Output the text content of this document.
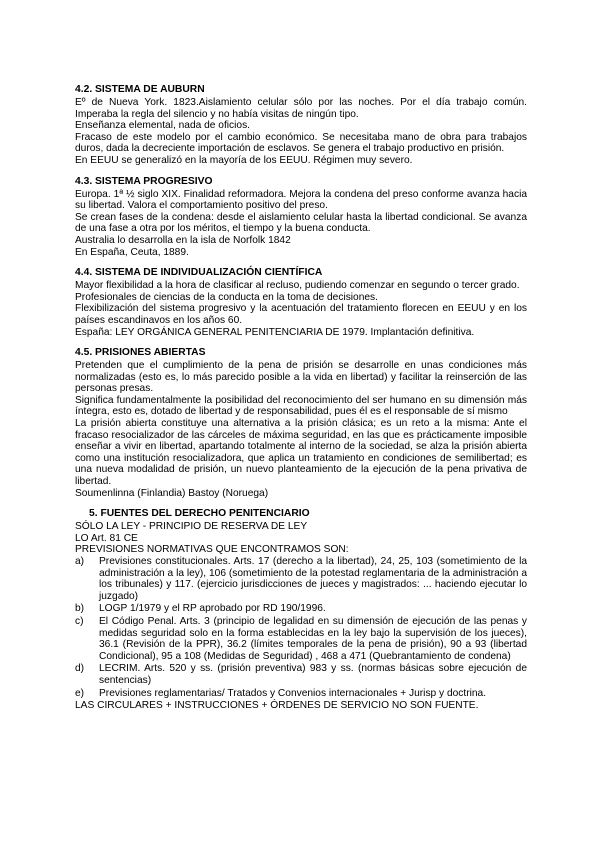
4.2. SISTEMA DE AUBURN

Eº de Nueva York. 1823.Aislamiento celular sólo por las noches. Por el día trabajo común. Imperaba la regla del silencio y no había visitas de ningún tipo.

Enseñanza elemental, nada de oficios.

Fracaso de este modelo por el cambio económico. Se necesitaba mano de obra para trabajos duros, dada la decreciente importación de esclavos. Se genera el trabajo productivo en prisión.

En EEUU se generalizó en la mayoría de los EEUU. Régimen muy severo.

4.3. SISTEMA PROGRESIVO

Europa. 1ª ½ siglo XIX. Finalidad reformadora. Mejora la condena del preso conforme avanza hacia su libertad. Valora el comportamiento positivo del preso.

Se crean fases de la condena: desde el aislamiento celular hasta la libertad condicional. Se avanza de una fase a otra por los méritos, el tiempo y la buena conducta.

Australia lo desarrolla en la isla de Norfolk 1842

En España, Ceuta, 1889.

4.4. SISTEMA DE INDIVIDUALIZACIÓN CIENTÍFICA

Mayor flexibilidad a la hora de clasificar al recluso, pudiendo comenzar en segundo o tercer grado.

Profesionales de ciencias de la conducta en la toma de decisiones.

Flexibilización del sistema progresivo y la acentuación del tratamiento florecen en EEUU y en los países escandinavos en los años 60.

España: LEY ORGÁNICA GENERAL PENITENCIARIA DE 1979. Implantación definitiva.

4.5. PRISIONES ABIERTAS

Pretenden que el cumplimiento de la pena de prisión se desarrolle en unas condiciones más normalizadas (esto es, lo más parecido posible a la vida en libertad) y facilitar la reinserción de las personas presas.

Significa fundamentalmente la posibilidad del reconocimiento del ser humano en su dimensión más íntegra, esto es, dotado de libertad y de responsabilidad, pues él es el responsable de sí mismo

La prisión abierta constituye una alternativa a la prisión clásica; es un reto a la misma: Ante el fracaso resocializador de las cárceles de máxima seguridad, en las que es prácticamente imposible enseñar a vivir en libertad, apartando totalmente al interno de la sociedad, se alza la prisión abierta como una institución resocializadora, que aplica un tratamiento en condiciones de semilibertad; es una nueva modalidad de prisión, un nuevo planteamiento de la ejecución de la pena privativa de libertad.

Soumenlinna (Finlandia) Bastoy (Noruega)

5. FUENTES DEL DERECHO PENITENCIARIO

SÓLO LA LEY - PRINCIPIO DE RESERVA DE LEY

LO Art. 81 CE

PREVISIONES NORMATIVAS QUE ENCONTRAMOS SON:

a)	Previsiones constitucionales. Arts. 17 (derecho a la libertad), 24, 25, 103 (sometimiento de la administración a la ley), 106 (sometimiento de la potestad reglamentaria de la administración a los tribunales) y 117. (ejercicio jurisdicciones de jueces y magistrados: ... haciendo ejecutar lo juzgado)
b)	LOGP 1/1979 y el RP aprobado por RD 190/1996.
c)	El Código Penal. Arts. 3 (principio de legalidad en su dimensión de ejecución de las penas y medidas seguridad solo en la forma establecidas en la ley bajo la supervisión de los jueces), 36.1 (Revisión de la PPR), 36.2 (límites temporales de la pena de prisión), 90 a 93 (libertad Condicional), 95 a 108 (Medidas de Seguridad) , 468 a 471 (Quebrantamiento de condena)
d)	LECRIM. Arts. 520 y ss. (prisión preventiva) 983 y ss. (normas básicas sobre ejecución de sentencias)
e)	Previsiones reglamentarias/ Tratados y Convenios internacionales + Jurisp y doctrina.

LAS CIRCULARES + INSTRUCCIONES + ÓRDENES DE SERVICIO NO SON FUENTE.
